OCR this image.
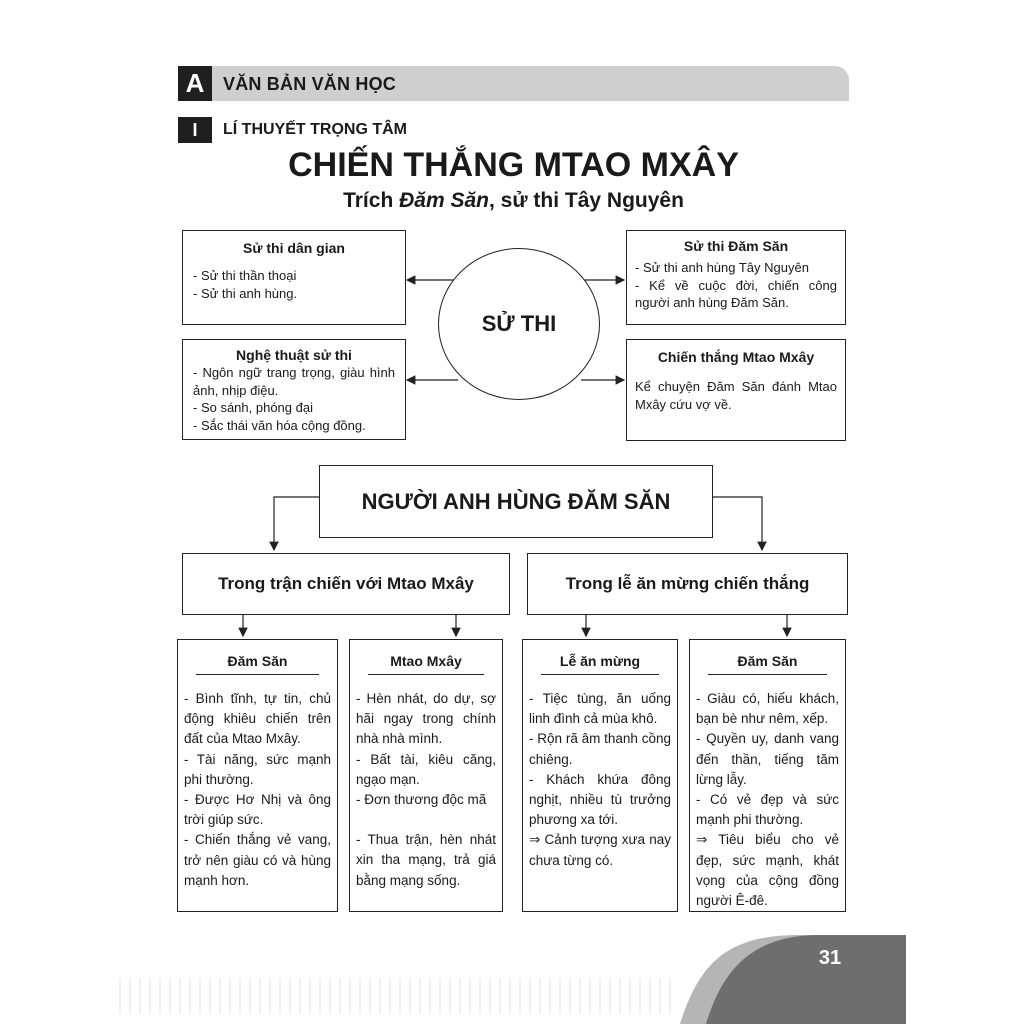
A	VĂN BẢN VĂN HỌC
I	LÍ THUYẾT TRỌNG TÂM
CHIẾN THẮNG MTAO MXÂY
Trích Đăm Săn, sử thi Tây Nguyên
Sử thi dân gian
- Sử thi thần thoại
- Sử thi anh hùng.
Nghệ thuật sử thi
- Ngôn ngữ trang trọng, giàu hình ảnh, nhịp điệu.
- So sánh, phóng đại
- Sắc thái văn hóa cộng đồng.
SỬ THI
Sử thi Đăm Săn
- Sử thi anh hùng Tây Nguyên
- Kể về cuộc đời, chiến công người anh hùng Đăm Săn.
Chiến thắng Mtao Mxây
Kể chuyện Đăm Săn đánh Mtao Mxây cứu vợ về.
NGƯỜI ANH HÙNG ĐĂM SĂN
Trong trận chiến với Mtao Mxây	Trong lễ ăn mừng chiến thắng
Đăm Săn
- Bình tĩnh, tự tin, chủ động khiêu chiến trên đất của Mtao Mxây.
- Tài năng, sức mạnh phi thường.
- Được Hơ Nhị và ông trời giúp sức.
- Chiến thắng vẻ vang, trở nên giàu có và hùng mạnh hơn.
Mtao Mxây
- Hèn nhát, do dự, sợ hãi ngay trong chính nhà nhà mình.
- Bất tài, kiêu căng, ngạo mạn.
- Đơn thương độc mã
- Thua trận, hèn nhát xin tha mạng, trả giá bằng mạng sống.
Lễ ăn mừng
- Tiệc tùng, ăn uống linh đình cả mùa khô.
- Rộn rã âm thanh cồng chiêng.
- Khách khứa đông nghịt, nhiều tù trưởng phương xa tới.
⇒ Cảnh tượng xưa nay chưa từng có.
Đăm Săn
- Giàu có, hiếu khách, bạn bè như nêm, xếp.
- Quyền uy, danh vang đến thần, tiếng tăm lừng lẫy.
- Có vẻ đẹp và sức mạnh phi thường.
⇒ Tiêu biểu cho vẻ đẹp, sức mạnh, khát vọng của cộng đồng người Ê-đê.
31
